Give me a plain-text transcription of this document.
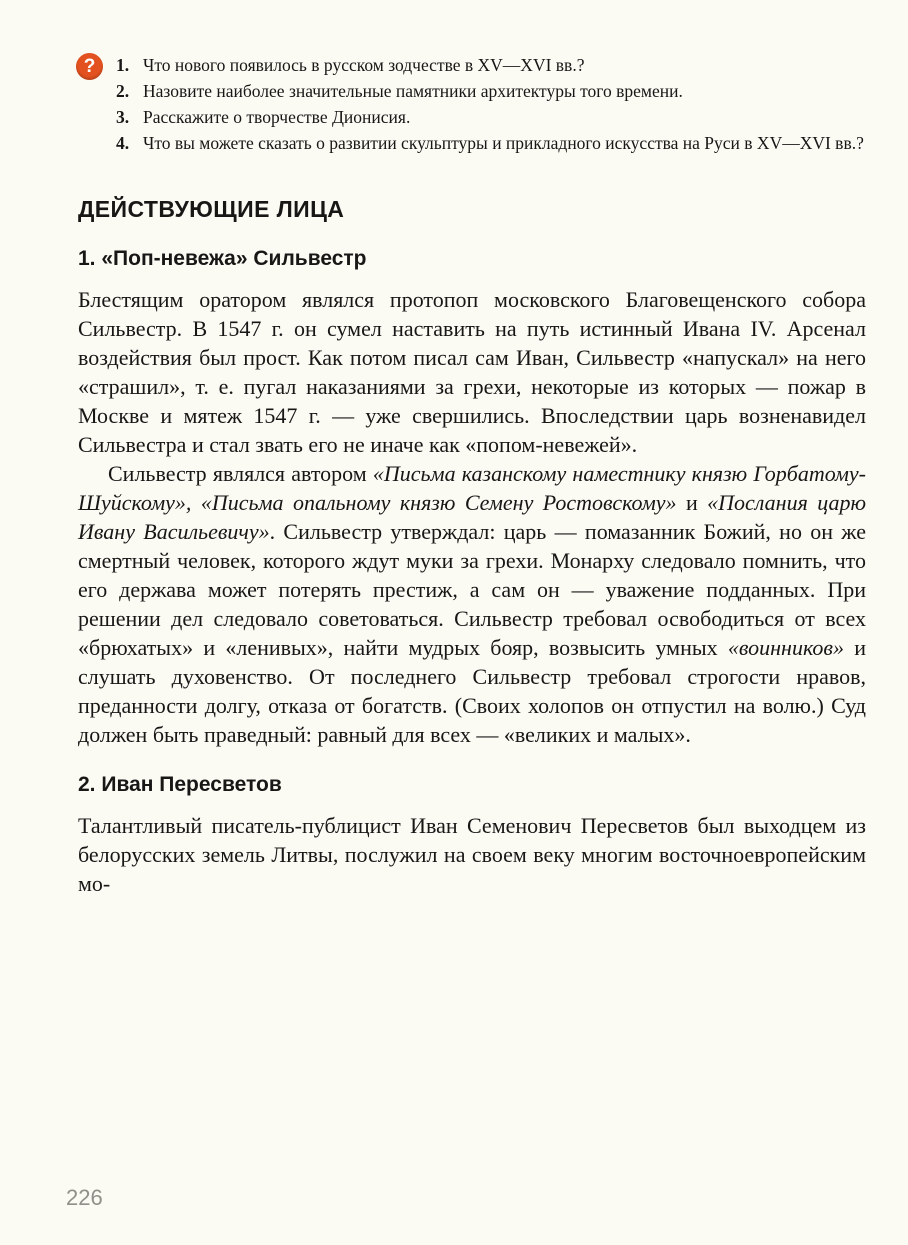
?	1. Что нового появилось в русском зодчестве в XV—XVI вв.?
2. Назовите наиболее значительные памятники архитектуры того времени.
3. Расскажите о творчестве Дионисия.
4. Что вы можете сказать о развитии скульптуры и прикладного искусства на Руси в XV—XVI вв.?
ДЕЙСТВУЮЩИЕ ЛИЦА
1. «Поп-невежа» Сильвестр

Блестящим оратором являлся протопоп московского Благовещенского собора Сильвестр. В 1547 г. он сумел наставить на путь истинный Ивана IV. Арсенал воздействия был прост. Как потом писал сам Иван, Сильвестр «напускал» на него «страшил», т. е. пугал наказаниями за грехи, некоторые из которых — пожар в Москве и мятеж 1547 г. — уже свершились. Впоследствии царь возненавидел Сильвестра и стал звать его не иначе как «попом-невежей».

Сильвестр являлся автором «Письма казанскому наместнику князю Горбатому-Шуйскому», «Письма опальному князю Семену Ростовскому» и «Послания царю Ивану Васильевичу». Сильвестр утверждал: царь — помазанник Божий, но он же смертный человек, которого ждут муки за грехи. Монарху следовало помнить, что его держава может потерять престиж, а сам он — уважение подданных. При решении дел следовало советоваться. Сильвестр требовал освободиться от всех «брюхатых» и «ленивых», найти мудрых бояр, возвысить умных «воинников» и слушать духовенство. От последнего Сильвестр требовал строгости нравов, преданности долгу, отказа от богатств. (Своих холопов он отпустил на волю.) Суд должен быть праведный: равный для всех — «великих и малых».

2. Иван Пересветов

Талантливый писатель-публицист Иван Семенович Пересветов был выходцем из белорусских земель Литвы, послужил на своем веку многим восточноевропейским мо-

226
